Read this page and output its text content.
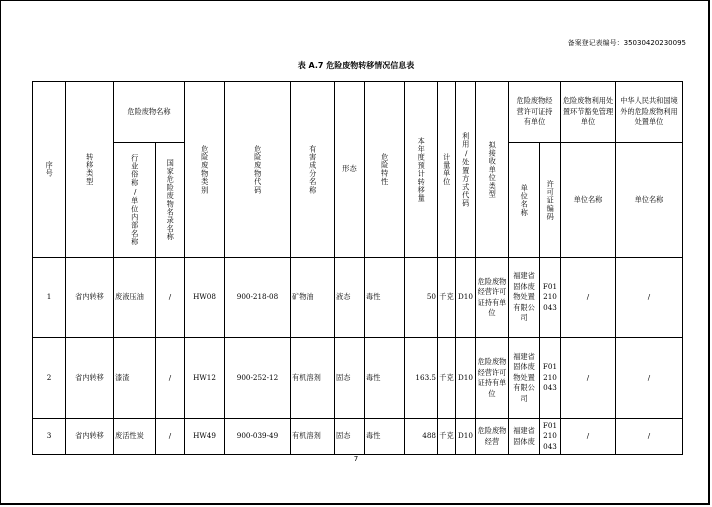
备案登记表编号：35030420230095
表 A.7 危险废物转移情况信息表
序号	转移类型	危险废物名称		危险废物类别	危险废物代码	有害成分名称	形态	危险特性	本年度预计转移量	计量单位	利用/处置方式代码	拟接收单位类型	危险废物经营许可证持有单位		危险废物利用处置环节豁免管理单位	中华人民共和国境外的危险废物利用处置单位

		行业俗称/单位内部名称	国家危险废物名录名称										单位名称	许可证编码	单位名称	单位名称
1	省内转移	废液压油	/	HW08	900-218-08	矿物油	液态	毒性	50	千克	D10	危险废物经营许可证持有单位	福建省固体废物处置有限公司	F01210043	/	/
2	省内转移	漆渣	/	HW12	900-252-12	有机溶剂	固态	毒性	163.5	千克	D10	危险废物经营许可证持有单位	福建省固体废物处置有限公司	F01210043	/	/
3	省内转移	废活性炭	/	HW49	900-039-49	有机溶剂	固态	毒性	488	千克	D10	危险废物经营	福建省固体废	F01210043	/	/
7
